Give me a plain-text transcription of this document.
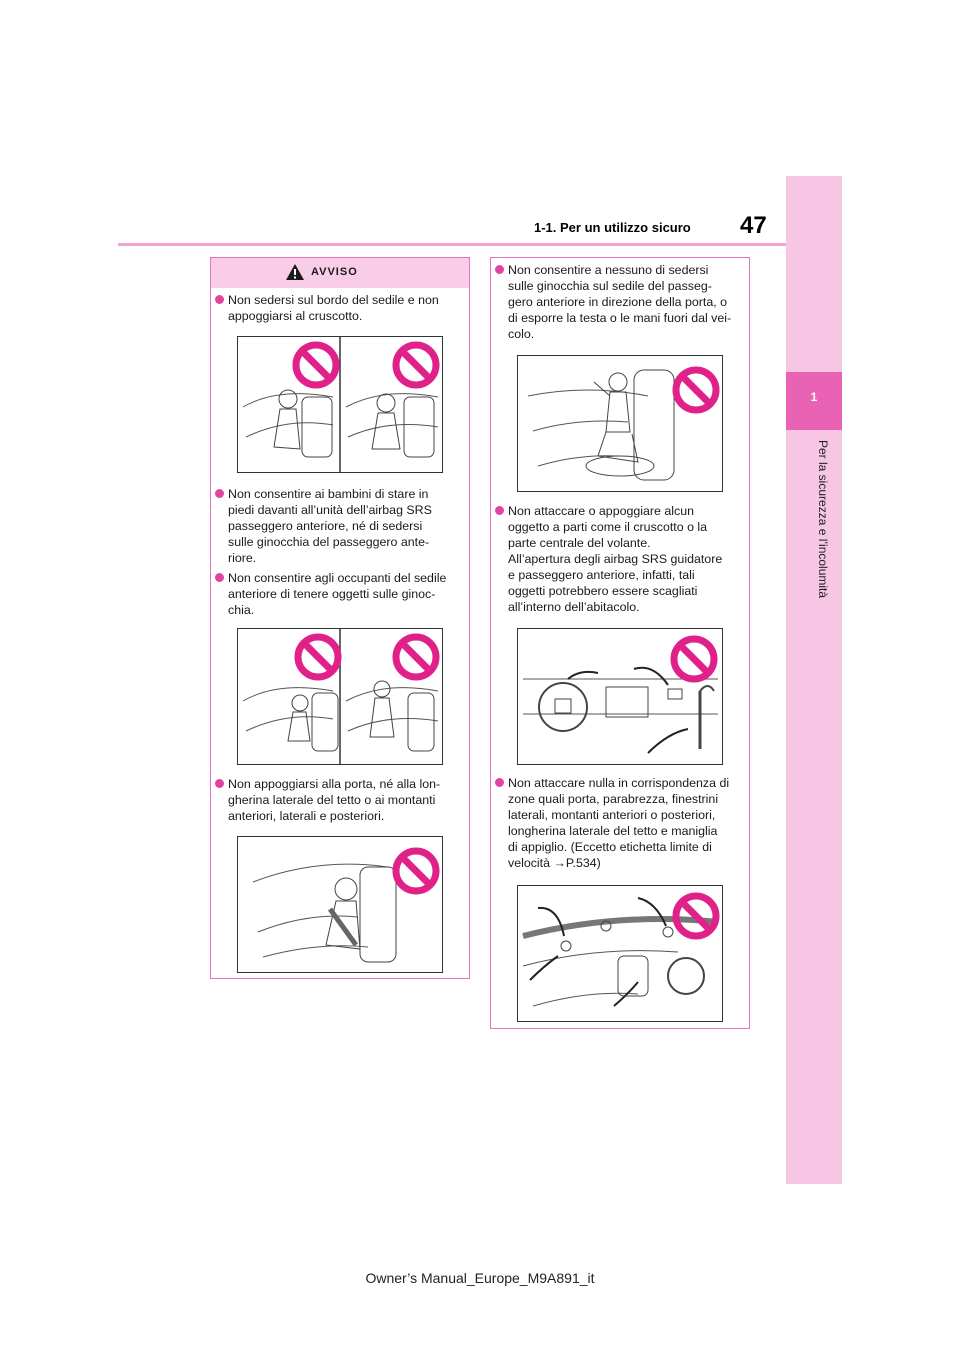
47
1-1. Per un utilizzo sicuro
1
Per la sicurezza e l’incolumità
AVVISO
Non sedersi sul bordo del sedile e non
appoggiarsi al cruscotto.
Non consentire ai bambini di stare in
piedi davanti all’unità dell’airbag SRS
passeggero anteriore, né di sedersi
sulle ginocchia del passeggero ante-
riore.
Non consentire agli occupanti del sedile
anteriore di tenere oggetti sulle ginoc-
chia.
Non appoggiarsi alla porta, né alla lon-
gherina laterale del tetto o ai montanti
anteriori, laterali e posteriori.
Non consentire a nessuno di sedersi
sulle ginocchia sul sedile del passeg-
gero anteriore in direzione della porta, o
di esporre la testa o le mani fuori dal vei-
colo.
Non attaccare o appoggiare alcun
oggetto a parti come il cruscotto o la
parte centrale del volante.
All’apertura degli airbag SRS guidatore
e passeggero anteriore, infatti, tali
oggetti potrebbero essere scagliati
all’interno dell’abitacolo.
Non attaccare nulla in corrispondenza di
zone quali porta, parabrezza, finestrini
laterali, montanti anteriori o posteriori,
longherina laterale del tetto e maniglia
di appiglio. (Eccetto etichetta limite di
velocità →P.534)
Owner’s Manual_Europe_M9A891_it
